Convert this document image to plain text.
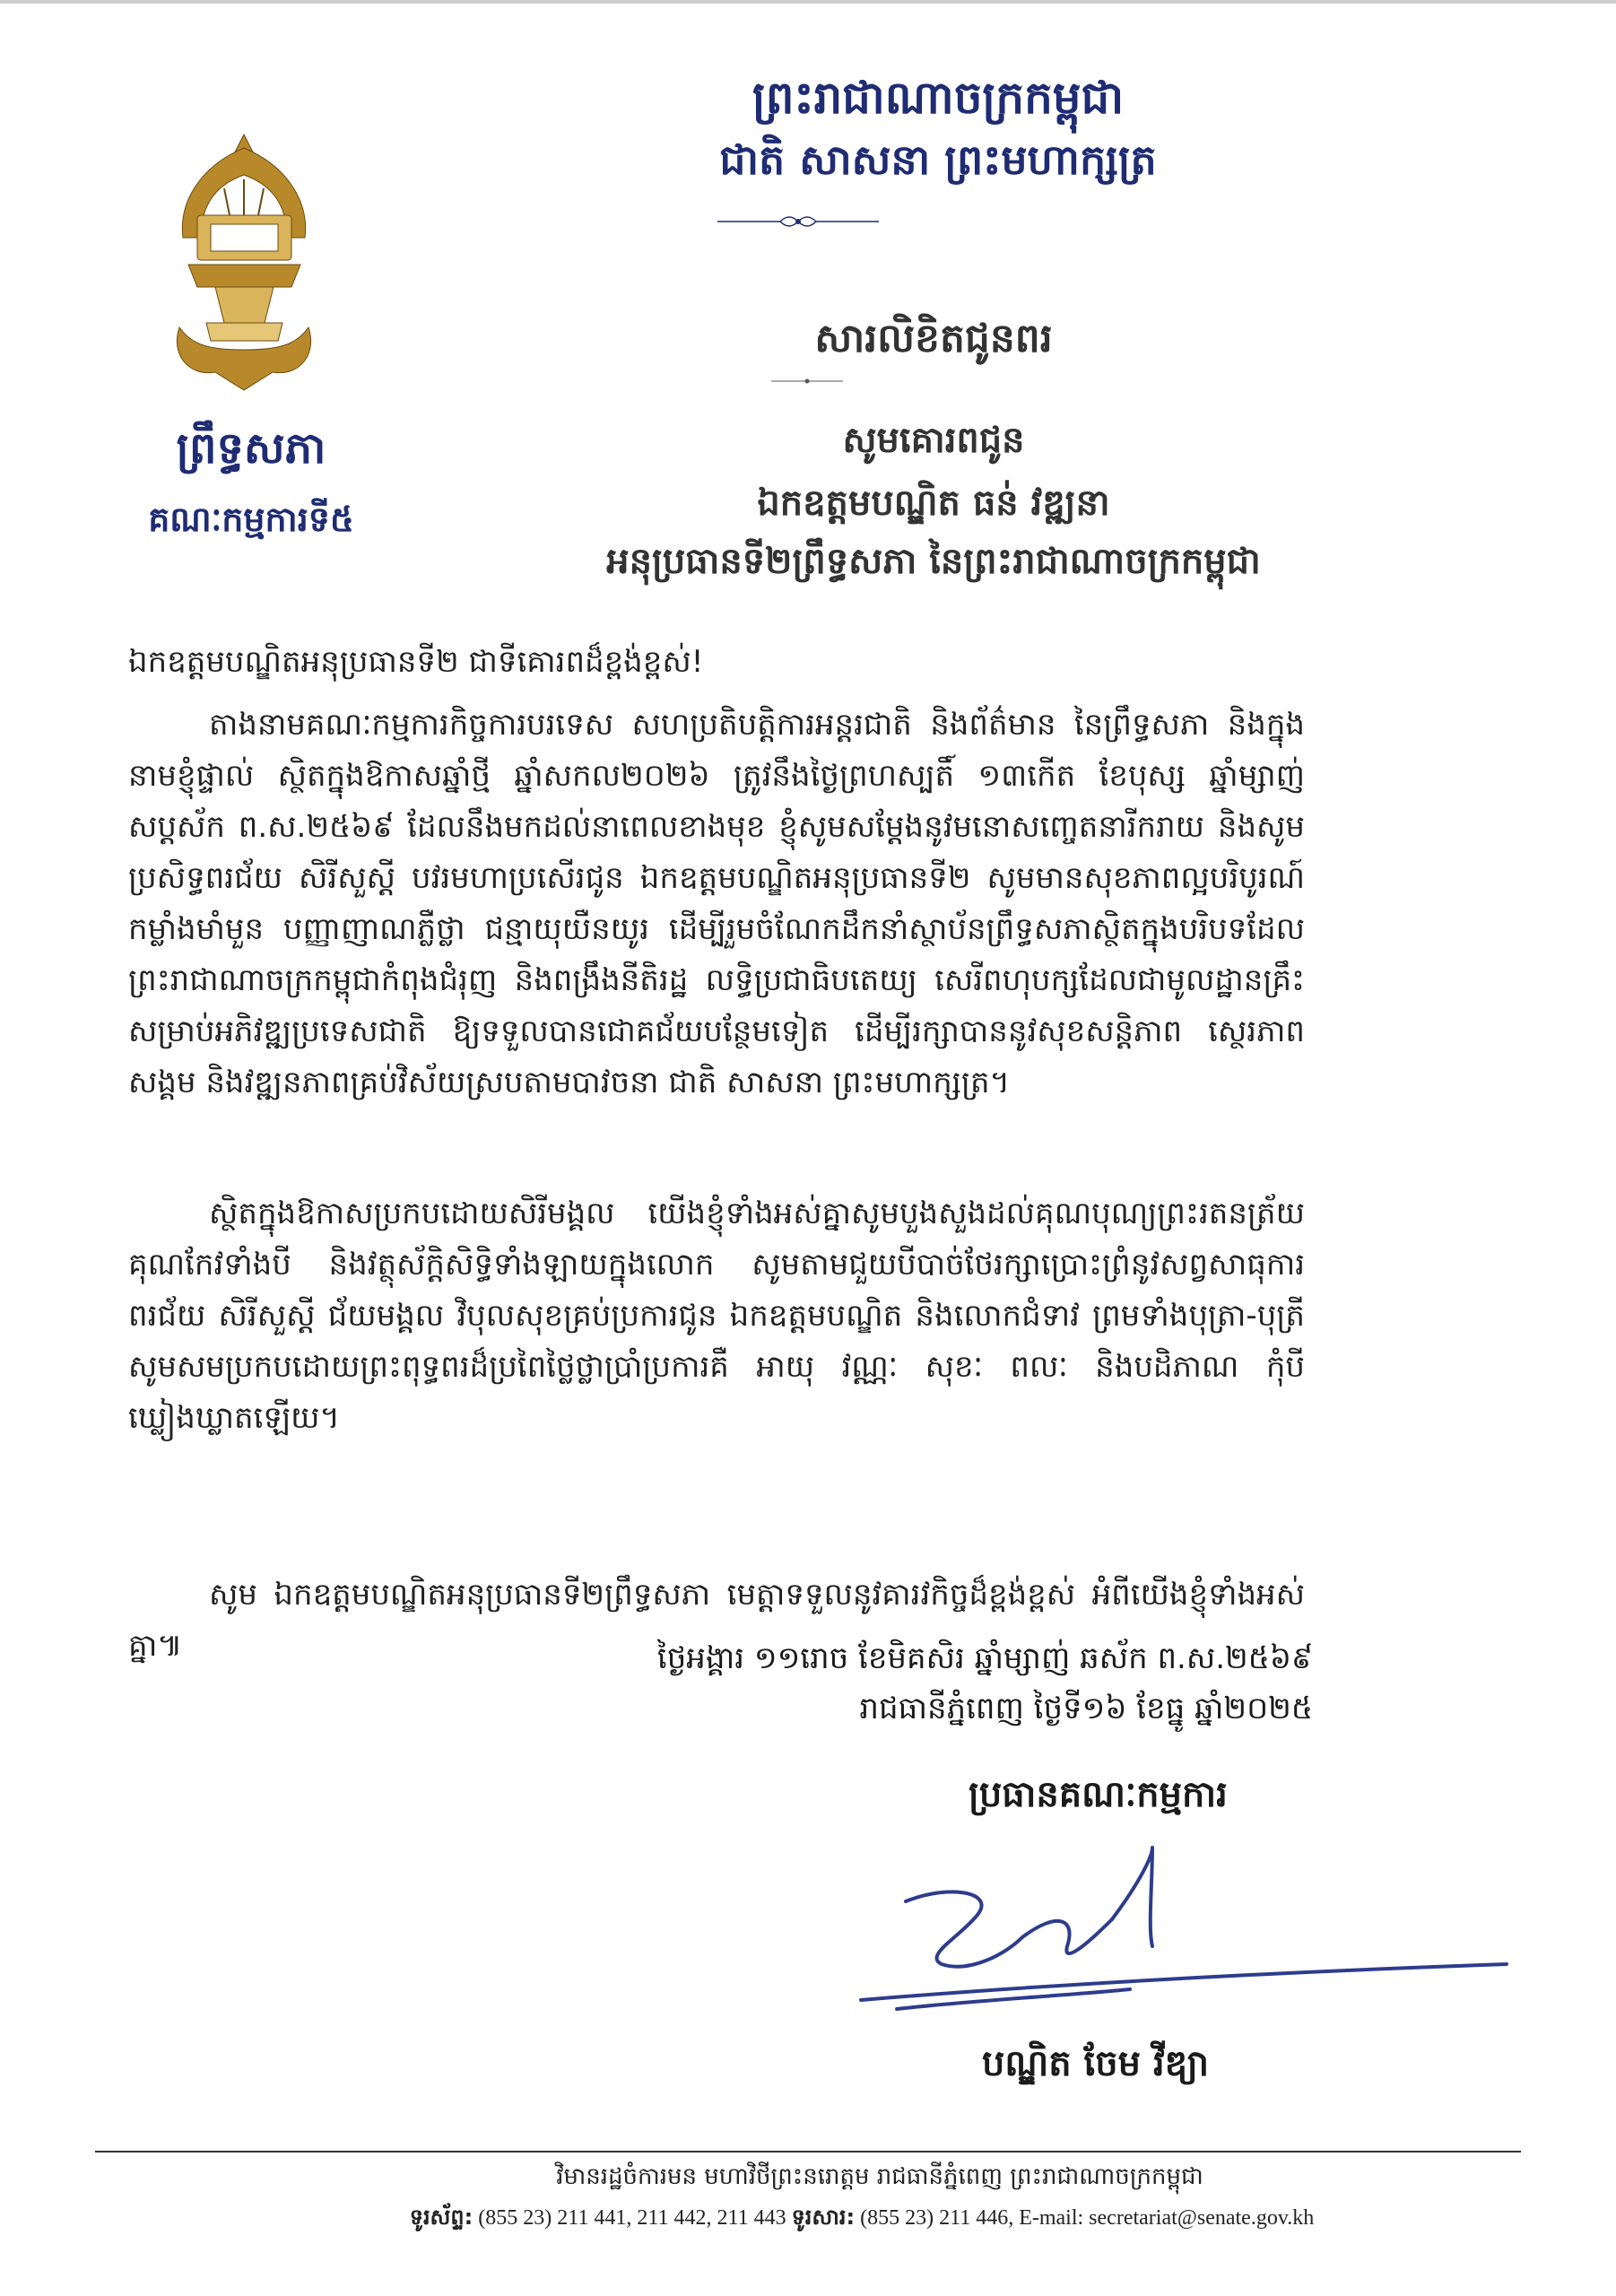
ព្រះរាជាណាចក្រកម្ពុជា
ជាតិ សាសនា ព្រះមហាក្សត្រ
ព្រឹទ្ធសភា
គណៈកម្មការទី៥
សារលិខិតជូនពរ
សូមគោរពជូន
ឯកឧត្តមបណ្ឌិត ធន់ វឌ្ឍនា
អនុប្រធានទី២ព្រឹទ្ធសភា នៃព្រះរាជាណាចក្រកម្ពុជា
ឯកឧត្តមបណ្ឌិតអនុប្រធានទី២ ជាទីគោរពដ៏ខ្ពង់ខ្ពស់!
តាងនាមគណៈកម្មការកិច្ចការបរទេស សហប្រតិបត្តិការអន្តរជាតិ និងព័ត៌មាន នៃព្រឹទ្ធសភា និងក្នុងនាមខ្ញុំផ្ទាល់ ស្ថិតក្នុងឱកាសឆ្នាំថ្មី ឆ្នាំសកល២០២៦ ត្រូវនឹងថ្ងៃព្រហស្បតិ៍ ១៣កើត ខែបុស្ស ឆ្នាំម្សាញ់ សប្តស័ក ព.ស.២៥៦៩ ដែលនឹងមកដល់នាពេលខាងមុខ ខ្ញុំសូមសម្តែងនូវមនោសញ្ចេតនារីករាយ និងសូមប្រសិទ្ធពរជ័យ សិរីសួស្តី បវរមហាប្រសើរជូន ឯកឧត្តមបណ្ឌិតអនុប្រធានទី២ សូមមានសុខភាពល្អបរិបូរណ៍ កម្លាំងមាំមួន បញ្ញាញាណភ្លឺថ្លា ជន្មាយុយឺនយូរ ដើម្បីរួមចំណែកដឹកនាំស្ថាប័នព្រឹទ្ធសភាស្ថិតក្នុងបរិបទដែលព្រះរាជាណាចក្រកម្ពុជាកំពុងជំរុញ និងពង្រឹងនីតិរដ្ឋ លទ្ធិប្រជាធិបតេយ្យ សេរីពហុបក្សដែលជាមូលដ្ឋានគ្រឹះសម្រាប់អភិវឌ្ឍប្រទេសជាតិ ឱ្យទទួលបានជោគជ័យបន្ថែមទៀត ដើម្បីរក្សាបាននូវសុខសន្តិភាព ស្ថេរភាពសង្គម និងវឌ្ឍនភាពគ្រប់វិស័យស្របតាមបាវចនា ជាតិ សាសនា ព្រះមហាក្សត្រ។
ស្ថិតក្នុងឱកាសប្រកបដោយសិរីមង្គល យើងខ្ញុំទាំងអស់គ្នាសូមបួងសួងដល់គុណបុណ្យព្រះរតនត្រ័យ គុណកែវទាំងបី និងវត្ថុស័ក្តិសិទ្ធិទាំងឡាយក្នុងលោក សូមតាមជួយបីបាច់ថែរក្សាប្រោះព្រំនូវសព្វសាធុការពរជ័យ សិរីសួស្តី ជ័យមង្គល វិបុលសុខគ្រប់ប្រការជូន ឯកឧត្តមបណ្ឌិត និងលោកជំទាវ ព្រមទាំងបុត្រា-បុត្រី សូមសមប្រកបដោយព្រះពុទ្ធពរដ៏ប្រពៃថ្លៃថ្លាប្រាំប្រការគឺ អាយុ វណ្ណៈ សុខៈ ពលៈ និងបដិភាណ កុំបីឃ្លៀងឃ្លាតឡើយ។
សូម ឯកឧត្តមបណ្ឌិតអនុប្រធានទី២ព្រឹទ្ធសភា មេត្តាទទួលនូវគារវកិច្ចដ៏ខ្ពង់ខ្ពស់ អំពីយើងខ្ញុំទាំងអស់គ្នា៕	ថ្ងៃអង្គារ ១១រោច ខែមិគសិរ ឆ្នាំម្សាញ់ ឆស័ក ព.ស.២៥៦៩
រាជធានីភ្នំពេញ ថ្ងៃទី១៦ ខែធ្នូ ឆ្នាំ២០២៥
ប្រធានគណៈកម្មការ
បណ្ឌិត ចែម វីឌ្យា
វិមានរដ្ឋចំការមន មហាវិថីព្រះនរោត្តម រាជធានីភ្នំពេញ ព្រះរាជាណាចក្រកម្ពុជា
ទូរស័ព្ទ: (855 23) 211 441, 211 442, 211 443 ទូរសារ: (855 23) 211 446, E-mail: secretariat@senate.gov.kh
